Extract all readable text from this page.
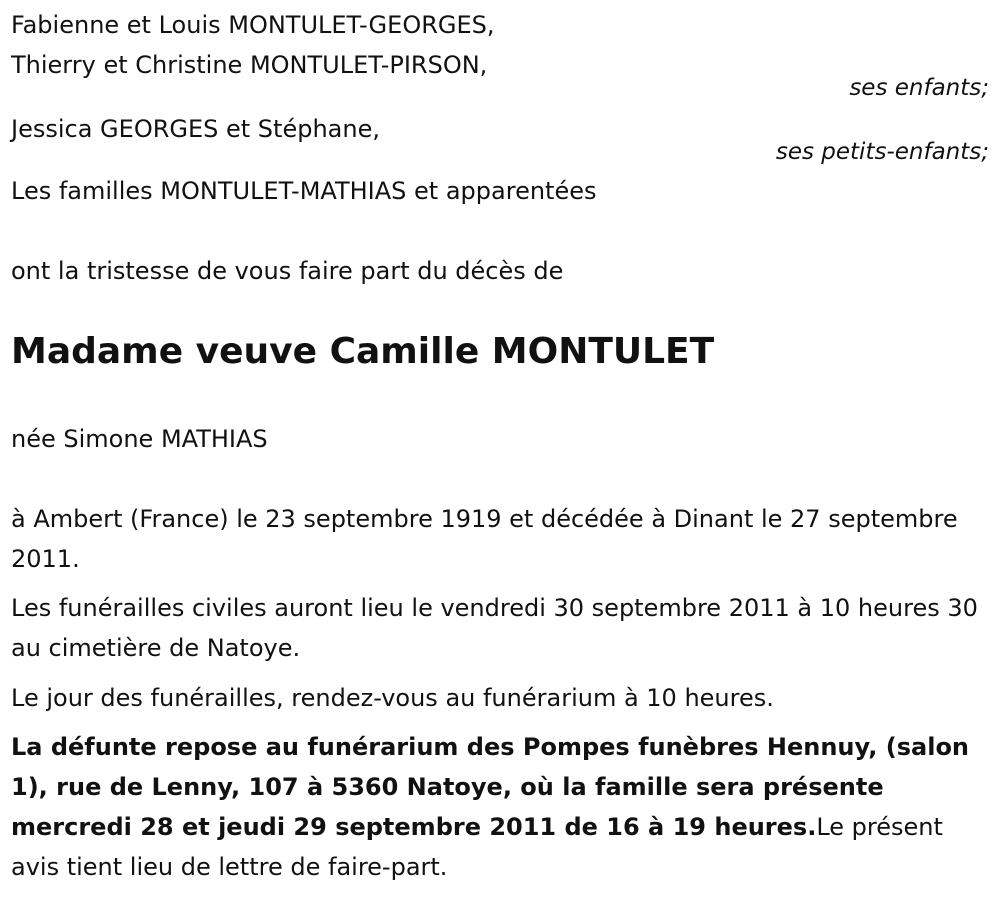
Fabienne et Louis MONTULET-GEORGES,
Thierry et Christine MONTULET-PIRSON,
ses enfants;
Jessica GEORGES et Stéphane,
ses petits-enfants;
Les familles MONTULET-MATHIAS et apparentées
ont la tristesse de vous faire part du décès de
Madame veuve Camille MONTULET
née Simone MATHIAS
à Ambert (France) le 23 septembre 1919 et décédée à Dinant le 27 septembre 2011.
Les funérailles civiles auront lieu le vendredi 30 septembre 2011 à 10 heures 30 au cimetière de Natoye.
Le jour des funérailles, rendez-vous au funérarium à 10 heures.
La défunte repose au funérarium des Pompes funèbres Hennuy, (salon 1), rue de Lenny, 107 à 5360 Natoye, où la famille sera présente mercredi 28 et jeudi 29 septembre 2011 de 16 à 19 heures.Le présent avis tient lieu de lettre de faire-part.
